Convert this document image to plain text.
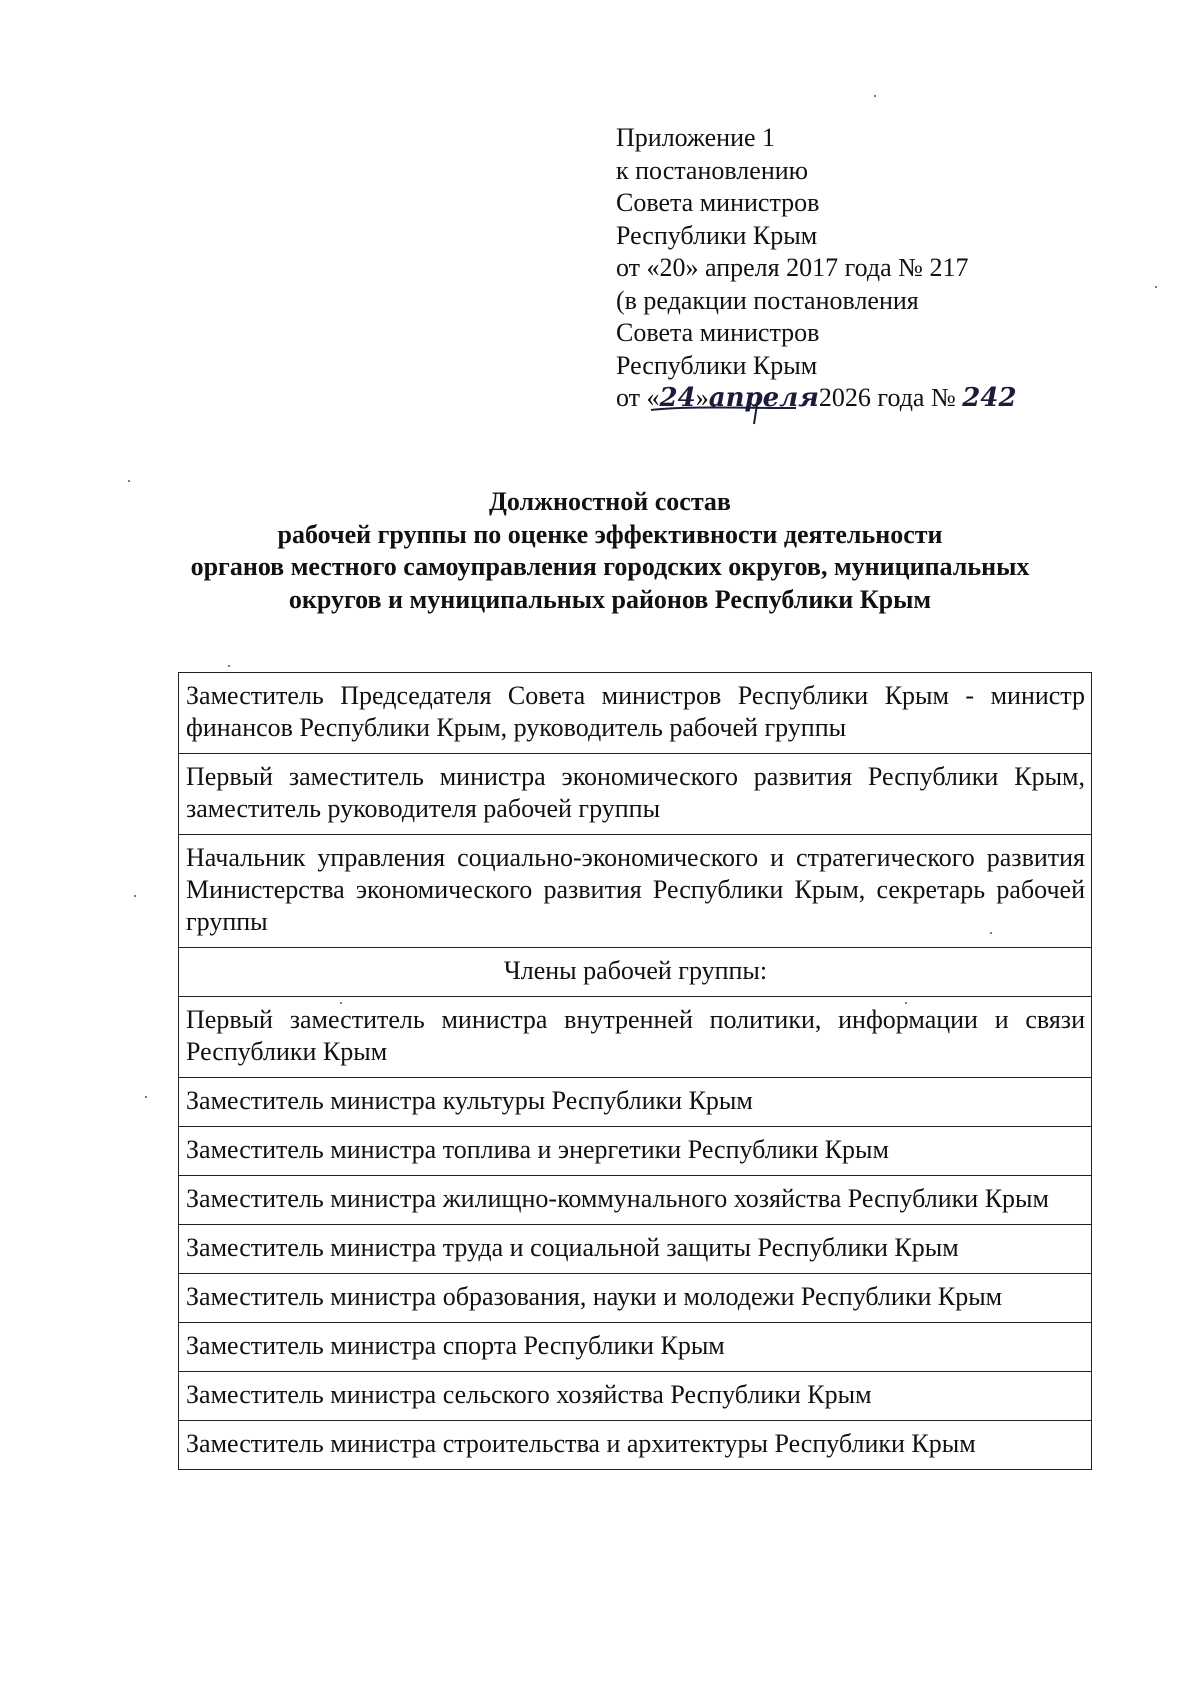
Приложение 1
к постановлению
Совета министров
Республики Крым
от «20» апреля 2017 года № 217
(в редакции постановления
Совета министров
Республики Крым
от «24»апреля2026 года № 242
Должностной состав
рабочей группы по оценке эффективности деятельности
органов местного самоуправления городских округов, муниципальных
округов и муниципальных районов Республики Крым
Заместитель Председателя Совета министров Республики Крым - министр финансов Республики Крым, руководитель рабочей группы
Первый заместитель министра экономического развития Республики Крым, заместитель руководителя рабочей группы
Начальник управления социально-экономического и стратегического развития Министерства экономического развития Республики Крым, секретарь рабочей группы
Члены рабочей группы:
Первый заместитель министра внутренней политики, информации и связи Республики Крым
Заместитель министра культуры Республики Крым
Заместитель министра топлива и энергетики Республики Крым
Заместитель министра жилищно-коммунального хозяйства Республики Крым
Заместитель министра труда и социальной защиты Республики Крым
Заместитель министра образования, науки и молодежи Республики Крым
Заместитель министра спорта Республики Крым
Заместитель министра сельского хозяйства Республики Крым
Заместитель министра строительства и архитектуры Республики Крым
